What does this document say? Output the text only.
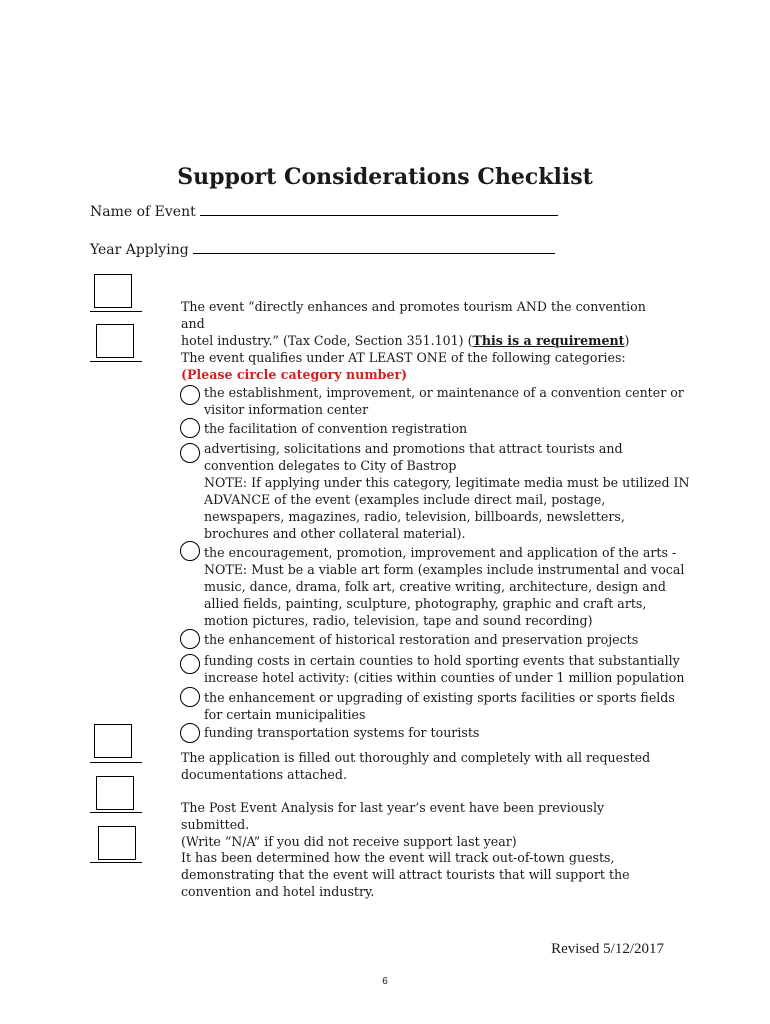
Support Considerations Checklist
Name of Event
Year Applying
The event “directly enhances and promotes tourism AND the convention and
hotel industry.” (Tax Code, Section 351.101) (This is a requirement)
The event qualifies under AT LEAST ONE of the following categories:
(Please circle category number)
the establishment, improvement, or maintenance of a convention center or
visitor information center
the facilitation of convention registration
advertising, solicitations and promotions that attract tourists and
convention delegates to City of Bastrop
NOTE: If applying under this category, legitimate media must be utilized IN
ADVANCE of the event (examples include direct mail, postage,
newspapers, magazines, radio, television, billboards, newsletters,
brochures and other collateral material).
the encouragement, promotion, improvement and application of the arts -
NOTE: Must be a viable art form (examples include instrumental and vocal
music, dance, drama, folk art, creative writing, architecture, design and
allied fields, painting, sculpture, photography, graphic and craft arts,
motion pictures, radio, television, tape and sound recording)
the enhancement of historical restoration and preservation projects
funding costs in certain counties to hold sporting events that substantially
increase hotel activity: (cities within counties of under 1 million population
the enhancement or upgrading of existing sports facilities or sports fields
for certain municipalities
funding transportation systems for tourists
The application is filled out thoroughly and completely with all requested
documentations attached.
The Post Event Analysis for last year’s event have been previously submitted.
(Write “N/A” if you did not receive support last year)
It has been determined how the event will track out-of-town guests,
demonstrating that the event will attract tourists that will support the
convention and hotel industry.
Revised 5/12/2017
6
